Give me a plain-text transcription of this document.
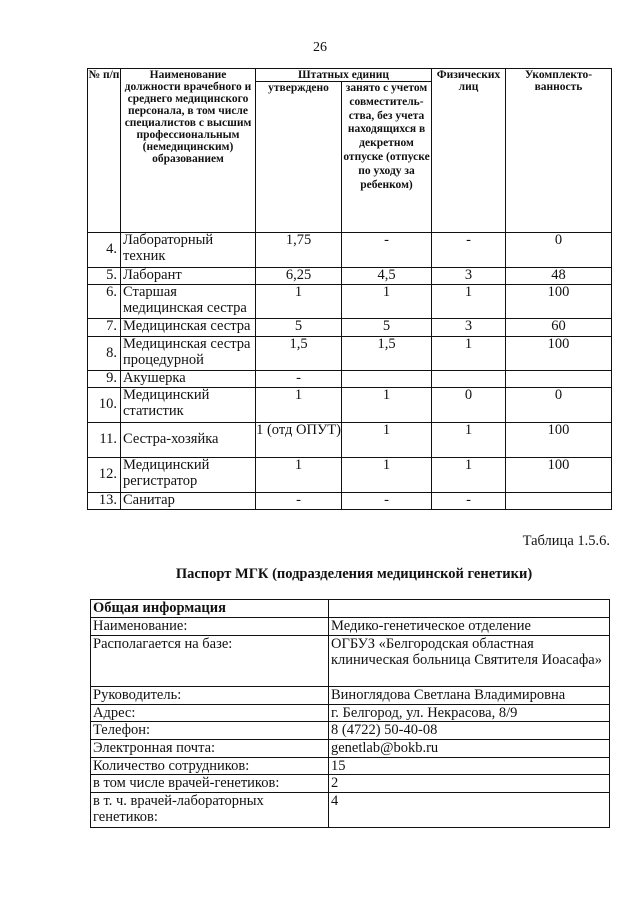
26
№ п/п	Наименование должности врачебного и среднего медицинского персонала, в том числе специалистов с высшим профессиональным (немедицинским) образованием	Штатных единиц		Физических лиц	Укомплекто-ванность
		утверждено	занято с учетом совместитель-ства, без учета находящихся в декретном отпуске (отпуске по уходу за ребенком)		
4.	Лабораторный техник	1,75	-	-	0
5.	Лаборант	6,25	4,5	3	48
6.	Старшая медицинская сестра	1	1	1	100
7.	Медицинская сестра	5	5	3	60
8.	Медицинская сестра процедурной	1,5	1,5	1	100
9.	Акушерка	-			
10.	Медицинский статистик	1	1	0	0
11.	Сестра-хозяйка	1 (отд ОПУТ)	1	1	100
12.	Медицинский регистратор	1	1	1	100
13.	Санитар	-	-	-	
Таблица 1.5.6.
Паспорт МГК (подразделения медицинской генетики)
Общая информация	
Наименование:	Медико-генетическое отделение
Располагается на базе:	ОГБУЗ «Белгородская областная клиническая больница Святителя Иоасафа»
Руководитель:	Виноглядова Светлана Владимировна
Адрес:	г. Белгород, ул. Некрасова, 8/9
Телефон:	8 (4722) 50-40-08
Электронная почта:	genetlab@bokb.ru
Количество сотрудников:	15
в том числе врачей-генетиков:	2
в т. ч. врачей-лабораторных генетиков:	4
